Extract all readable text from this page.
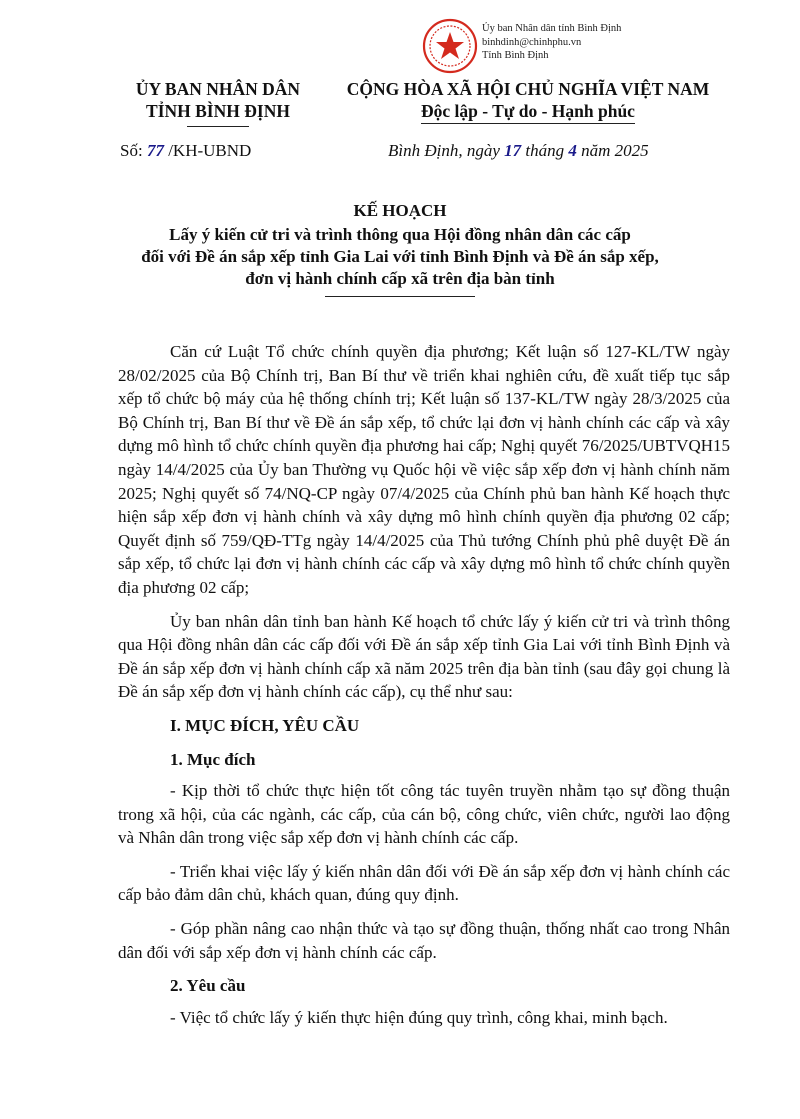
Ủy ban Nhân dân tỉnh Bình Định
binhdinh@chinhphu.vn
Tỉnh Bình Định
ỦY BAN NHÂN DÂN
TỈNH BÌNH ĐỊNH
CỘNG HÒA XÃ HỘI CHỦ NGHĨA VIỆT NAM
Độc lập - Tự do - Hạnh phúc
Số: 77 /KH-UBND	Bình Định, ngày 17 tháng 4 năm 2025
KẾ HOẠCH
Lấy ý kiến cử tri và trình thông qua Hội đồng nhân dân các cấp
đối với Đề án sắp xếp tỉnh Gia Lai với tỉnh Bình Định và Đề án sắp xếp,
đơn vị hành chính cấp xã trên địa bàn tỉnh

Căn cứ Luật Tổ chức chính quyền địa phương; Kết luận số 127-KL/TW ngày 28/02/2025 của Bộ Chính trị, Ban Bí thư về triển khai nghiên cứu, đề xuất tiếp tục sắp xếp tổ chức bộ máy của hệ thống chính trị; Kết luận số 137-KL/TW ngày 28/3/2025 của Bộ Chính trị, Ban Bí thư về Đề án sắp xếp, tổ chức lại đơn vị hành chính các cấp và xây dựng mô hình tổ chức chính quyền địa phương hai cấp; Nghị quyết 76/2025/UBTVQH15 ngày 14/4/2025 của Ủy ban Thường vụ Quốc hội về việc sắp xếp đơn vị hành chính năm 2025; Nghị quyết số 74/NQ-CP ngày 07/4/2025 của Chính phủ ban hành Kế hoạch thực hiện sắp xếp đơn vị hành chính và xây dựng mô hình chính quyền địa phương 02 cấp; Quyết định số 759/QĐ-TTg ngày 14/4/2025 của Thủ tướng Chính phủ phê duyệt Đề án sắp xếp, tổ chức lại đơn vị hành chính các cấp và xây dựng mô hình tổ chức chính quyền địa phương 02 cấp;

Ủy ban nhân dân tỉnh ban hành Kế hoạch tổ chức lấy ý kiến cử tri và trình thông qua Hội đồng nhân dân các cấp đối với Đề án sắp xếp tỉnh Gia Lai với tỉnh Bình Định và Đề án sắp xếp đơn vị hành chính cấp xã năm 2025 trên địa bàn tỉnh (sau đây gọi chung là Đề án sắp xếp đơn vị hành chính các cấp), cụ thể như sau:

I. MỤC ĐÍCH, YÊU CẦU
1. Mục đích

- Kịp thời tổ chức thực hiện tốt công tác tuyên truyền nhằm tạo sự đồng thuận trong xã hội, của các ngành, các cấp, của cán bộ, công chức, viên chức, người lao động và Nhân dân trong việc sắp xếp đơn vị hành chính các cấp.

- Triển khai việc lấy ý kiến nhân dân đối với Đề án sắp xếp đơn vị hành chính các cấp bảo đảm dân chủ, khách quan, đúng quy định.

- Góp phần nâng cao nhận thức và tạo sự đồng thuận, thống nhất cao trong Nhân dân đối với sắp xếp đơn vị hành chính các cấp.

2. Yêu cầu

- Việc tổ chức lấy ý kiến thực hiện đúng quy trình, công khai, minh bạch.
